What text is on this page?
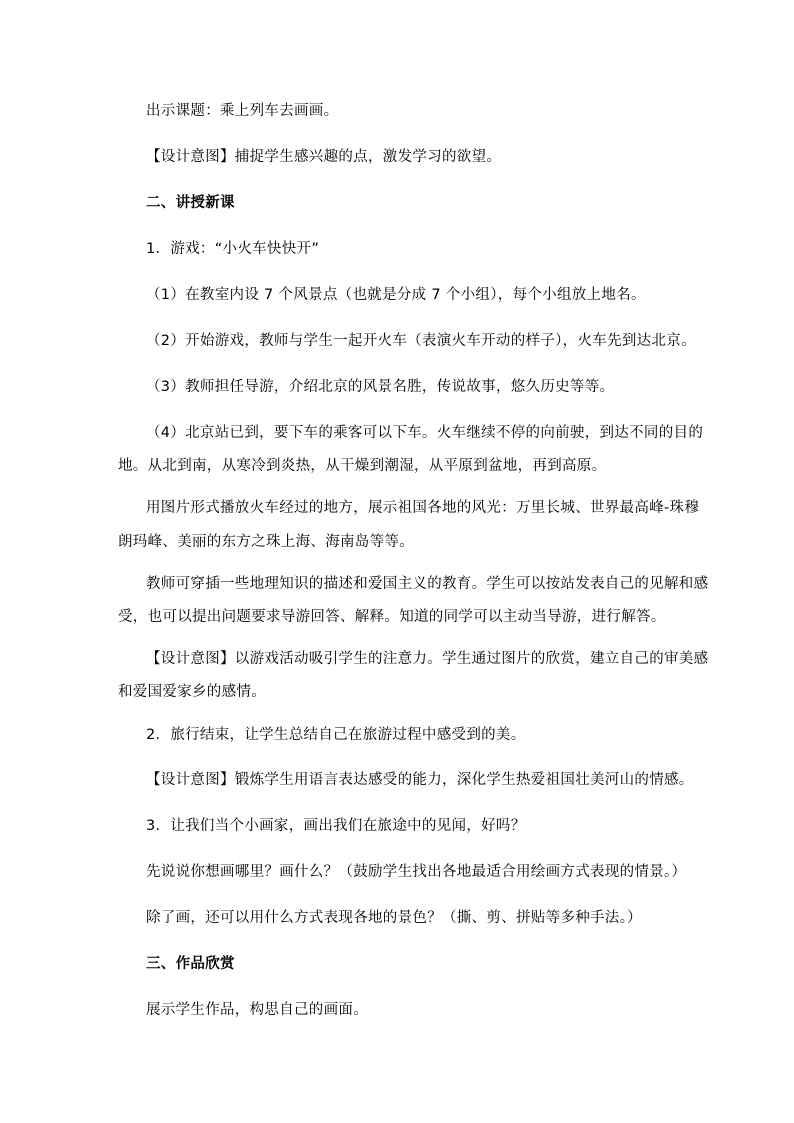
出示课题：乘上列车去画画。
【设计意图】捕捉学生感兴趣的点，激发学习的欲望。
二、讲授新课
1．游戏：“小火车快快开”
（1）在教室内设 7 个风景点（也就是分成 7 个小组），每个小组放上地名。
（2）开始游戏，教师与学生一起开火车（表演火车开动的样子），火车先到达北京。
（3）教师担任导游，介绍北京的风景名胜，传说故事，悠久历史等等。
（4）北京站已到，要下车的乘客可以下车。火车继续不停的向前驶，到达不同的目的
地。从北到南，从寒冷到炎热，从干燥到潮湿，从平原到盆地，再到高原。
用图片形式播放火车经过的地方，展示祖国各地的风光：万里长城、世界最高峰-珠穆
朗玛峰、美丽的东方之珠上海、海南岛等等。
教师可穿插一些地理知识的描述和爱国主义的教育。学生可以按站发表自己的见解和感
受，也可以提出问题要求导游回答、解释。知道的同学可以主动当导游，进行解答。
【设计意图】以游戏活动吸引学生的注意力。学生通过图片的欣赏，建立自己的审美感
和爱国爱家乡的感情。
2．旅行结束，让学生总结自己在旅游过程中感受到的美。
【设计意图】锻炼学生用语言表达感受的能力，深化学生热爱祖国壮美河山的情感。
3．让我们当个小画家，画出我们在旅途中的见闻，好吗？
先说说你想画哪里？画什么？（鼓励学生找出各地最适合用绘画方式表现的情景。）
除了画，还可以用什么方式表现各地的景色？（撕、剪、拼贴等多种手法。）
三、作品欣赏
展示学生作品，构思自己的画面。
